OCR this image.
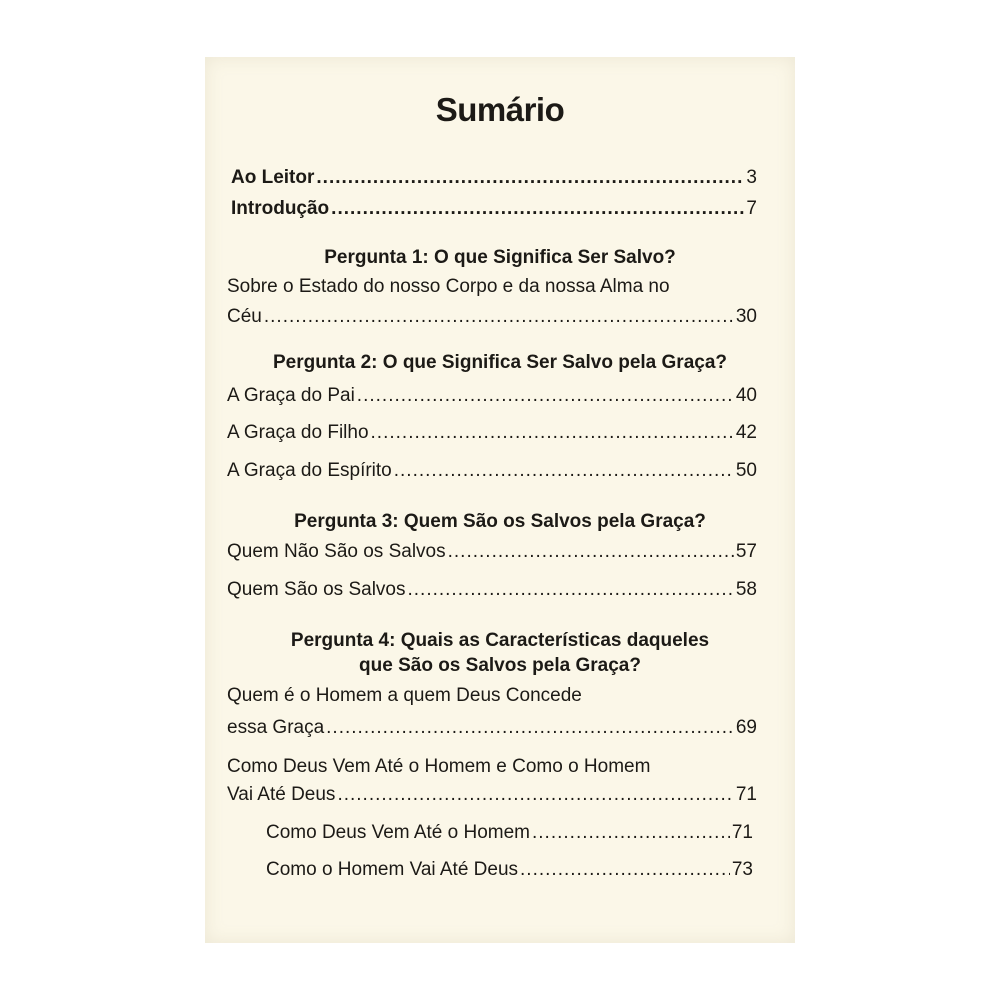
Sumário
Ao Leitor .....	3
Introdução .....	7
Pergunta 1: O que Significa Ser Salvo?
Sobre o Estado do nosso Corpo e da nossa Alma no
Céu .....	30
Pergunta 2: O que Significa Ser Salvo pela Graça?
A Graça do Pai .....	40
A Graça do Filho .....	42
A Graça do Espírito .....	50
Pergunta 3: Quem São os Salvos pela Graça?
Quem Não São os Salvos .....	57
Quem São os Salvos .....	58
Pergunta 4: Quais as Características daqueles
que São os Salvos pela Graça?
Quem é o Homem a quem Deus Concede
essa Graça .....	69
Como Deus Vem Até o Homem e Como o Homem
Vai Até Deus .....	71
Como Deus Vem Até o Homem .....	71
Como o Homem Vai Até Deus .....	73
